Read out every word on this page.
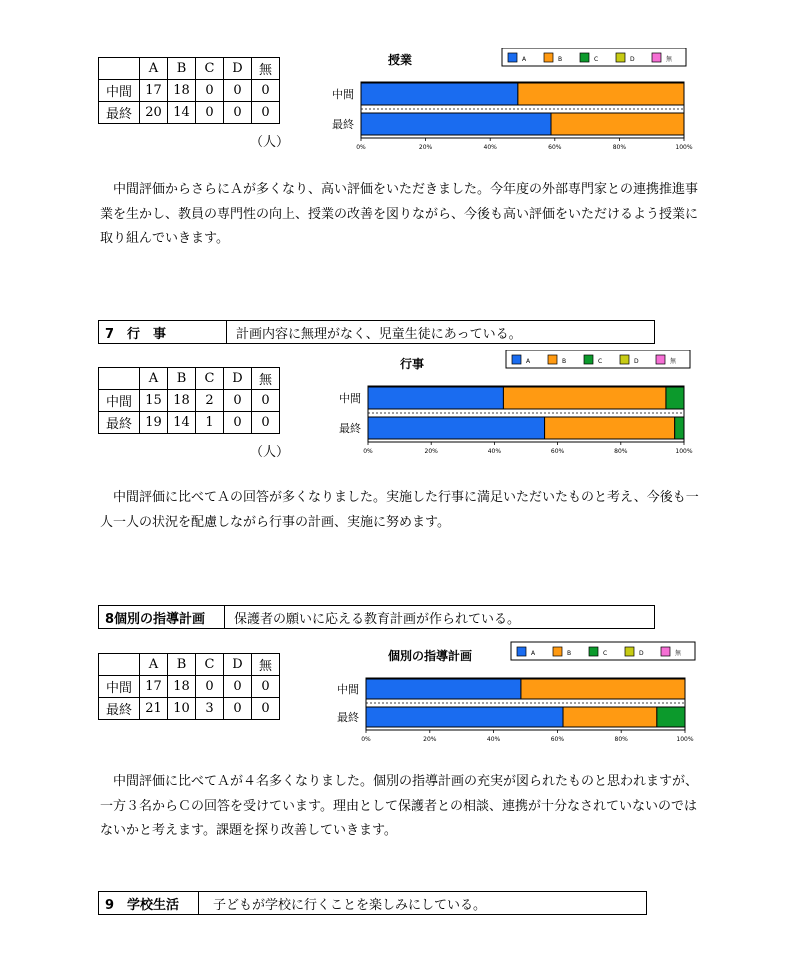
	A	B	C	D	無
中間	17	18	0	0	0
最終	20	14	0	0	0
（人）
授業	A	B	C	D	無
中間
最終
0%	20%	40%	60%	80%	100%
中間評価からさらにＡが多くなり、高い評価をいただきました。今年度の外部専門家との連携推進事業を生かし、教員の専門性の向上、授業の改善を図りながら、今後も高い評価をいただけるよう授業に取り組んでいきます。
7　行　事	計画内容に無理がなく、児童生徒にあっている。
	A	B	C	D	無
中間	15	18	2	0	0
最終	19	14	1	0	0
（人）
行事	A	B	C	D	無
中間
最終
0%	20%	40%	60%	80%	100%
中間評価に比べてＡの回答が多くなりました。実施した行事に満足いただいたものと考え、今後も一人一人の状況を配慮しながら行事の計画、実施に努めます。
8個別の指導計画	保護者の願いに応える教育計画が作られている。
	A	B	C	D	無
中間	17	18	0	0	0
最終	21	10	3	0	0
個別の指導計画	A	B	C	D	無
中間
最終
0%	20%	40%	60%	80%	100%
中間評価に比べてＡが４名多くなりました。個別の指導計画の充実が図られたものと思われますが、一方３名からＣの回答を受けています。理由として保護者との相談、連携が十分なされていないのではないかと考えます。課題を探り改善していきます。
9　学校生活	子どもが学校に行くことを楽しみにしている。
